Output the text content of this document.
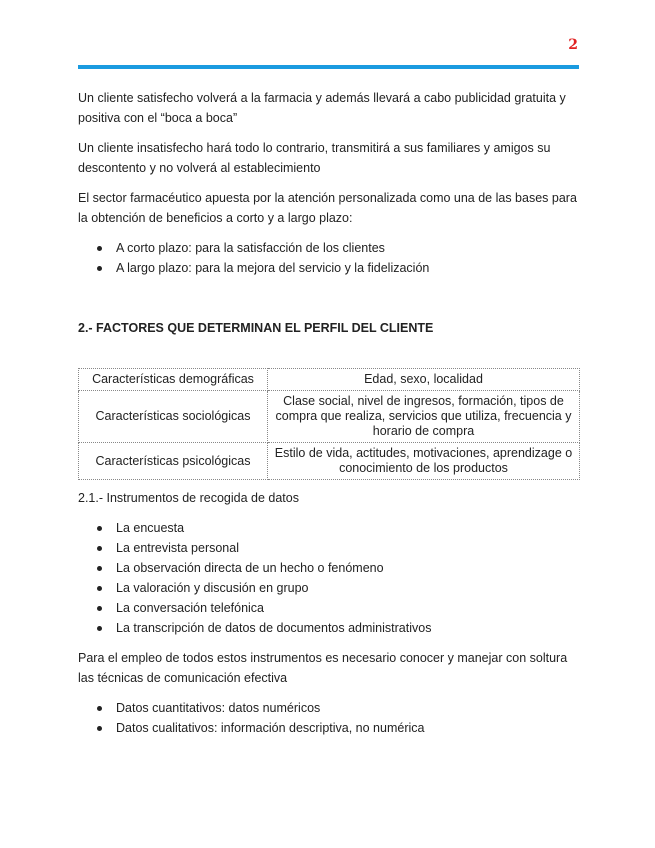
2

Un cliente satisfecho volverá a la farmacia y además llevará a cabo publicidad gratuita y positiva con el “boca a boca”

Un cliente insatisfecho hará todo lo contrario, transmitirá a sus familiares y amigos su descontento y no volverá al establecimiento

El sector farmacéutico apuesta por la atención personalizada como una de las bases para la obtención de beneficios a corto y a largo plazo:

A corto plazo: para la satisfacción de los clientes
A largo plazo: para la mejora del servicio y la fidelización
2.- FACTORES QUE DETERMINAN EL PERFIL DEL CLIENTE
Características demográficas	Edad, sexo, localidad
Características sociológicas	Clase social, nivel de ingresos, formación, tipos de compra que realiza, servicios que utiliza, frecuencia y horario de compra
Características psicológicas	Estilo de vida, actitudes, motivaciones, aprendizage o conocimiento de los productos

2.1.- Instrumentos de recogida de datos

La encuesta
La entrevista personal
La observación directa de un hecho o fenómeno
La valoración y discusión en grupo
La conversación telefónica
La transcripción de datos de documentos administrativos

Para el empleo de todos estos instrumentos es necesario conocer y manejar con soltura las técnicas de comunicación efectiva

Datos cuantitativos: datos numéricos
Datos cualitativos: información descriptiva, no numérica
